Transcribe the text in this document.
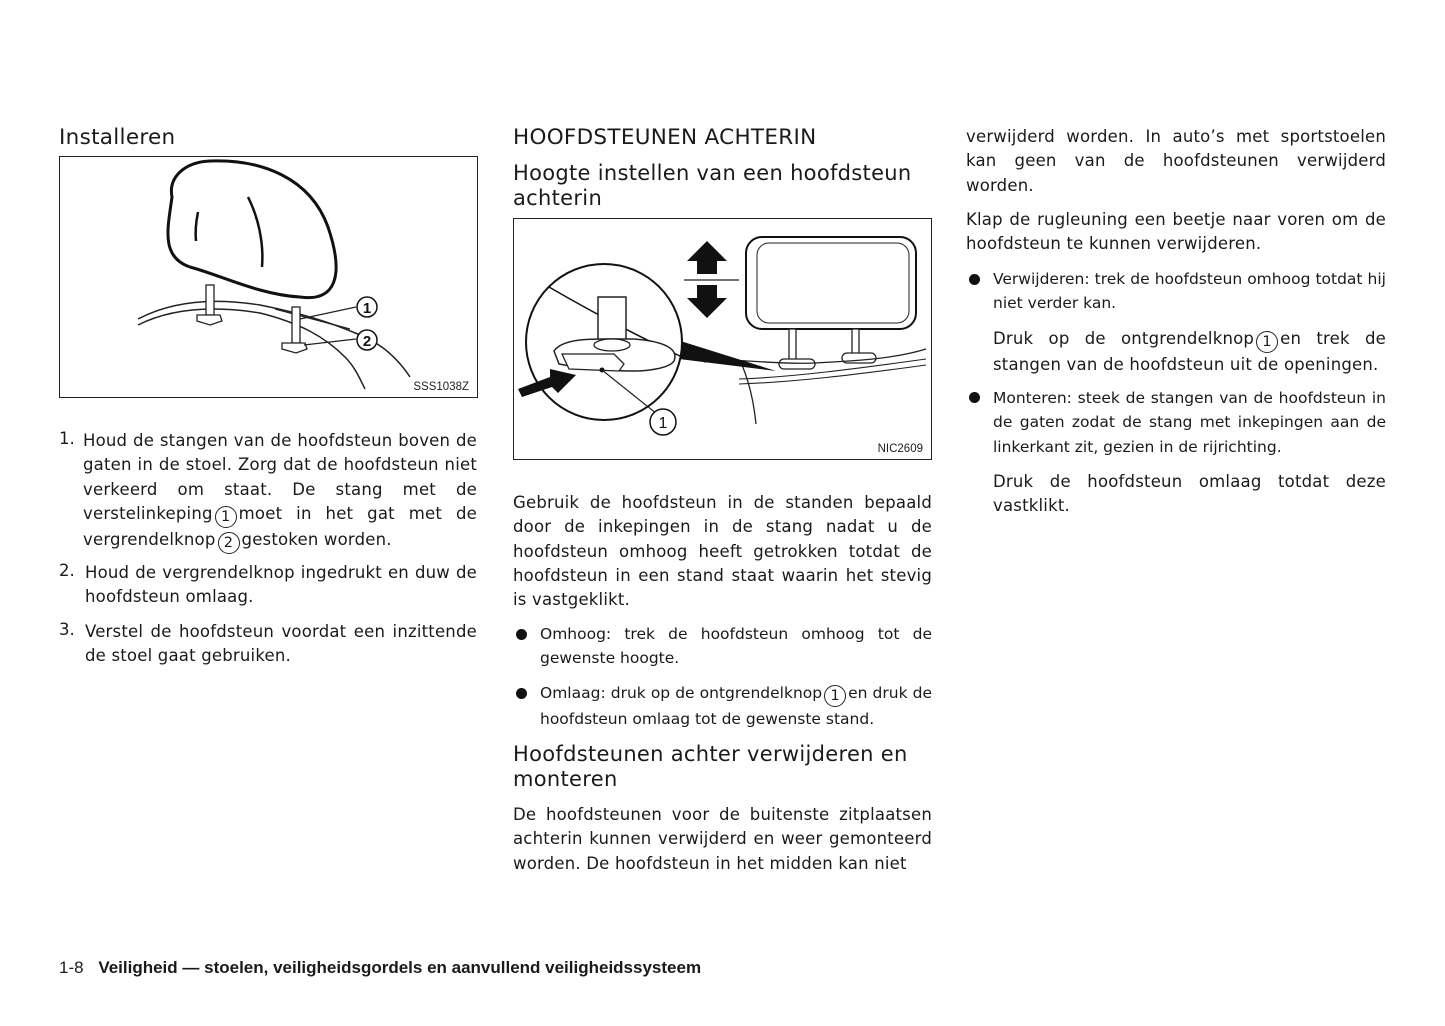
Installeren
1
2
SSS1038Z
1. Houd de stangen van de hoofdsteun boven de gaten in de stoel. Zorg dat de hoofdsteun niet verkeerd om staat. De stang met de verstelinkeping 1 moet in het gat met de vergrendelknop 2 gestoken worden.

2. Houd de vergrendelknop ingedrukt en duw de hoofdsteun omlaag.

3. Verstel de hoofdsteun voordat een inzittende de stoel gaat gebruiken.

HOOFDSTEUNEN ACHTERIN
Hoogte instellen van een hoofdsteun achterin
1
NIC2609

Gebruik de hoofdsteun in de standen bepaald door de inkepingen in de stang nadat u de hoofdsteun omhoog heeft getrokken totdat de hoofdsteun in een stand staat waarin het stevig is vastgeklikt.

Omhoog: trek de hoofdsteun omhoog tot de gewenste hoogte.

Omlaag: druk op de ontgrendelknop 1 en druk de hoofdsteun omlaag tot de gewenste stand.

Hoofdsteunen achter verwijderen en monteren

De hoofdsteunen voor de buitenste zitplaatsen achterin kunnen verwijderd en weer gemonteerd worden. De hoofdsteun in het midden kan niet

verwijderd worden. In auto’s met sportstoelen kan geen van de hoofdsteunen verwijderd worden.

Klap de rugleuning een beetje naar voren om de hoofdsteun te kunnen verwijderen.

Verwijderen: trek de hoofdsteun omhoog totdat hij niet verder kan.

Druk op de ontgrendelknop 1 en trek de stangen van de hoofdsteun uit de openingen.

Monteren: steek de stangen van de hoofdsteun in de gaten zodat de stang met inkepingen aan de linkerkant zit, gezien in de rijrichting.

Druk de hoofdsteun omlaag totdat deze vastklikt.

1-8 Veiligheid — stoelen, veiligheidsgordels en aanvullend veiligheidssysteem
